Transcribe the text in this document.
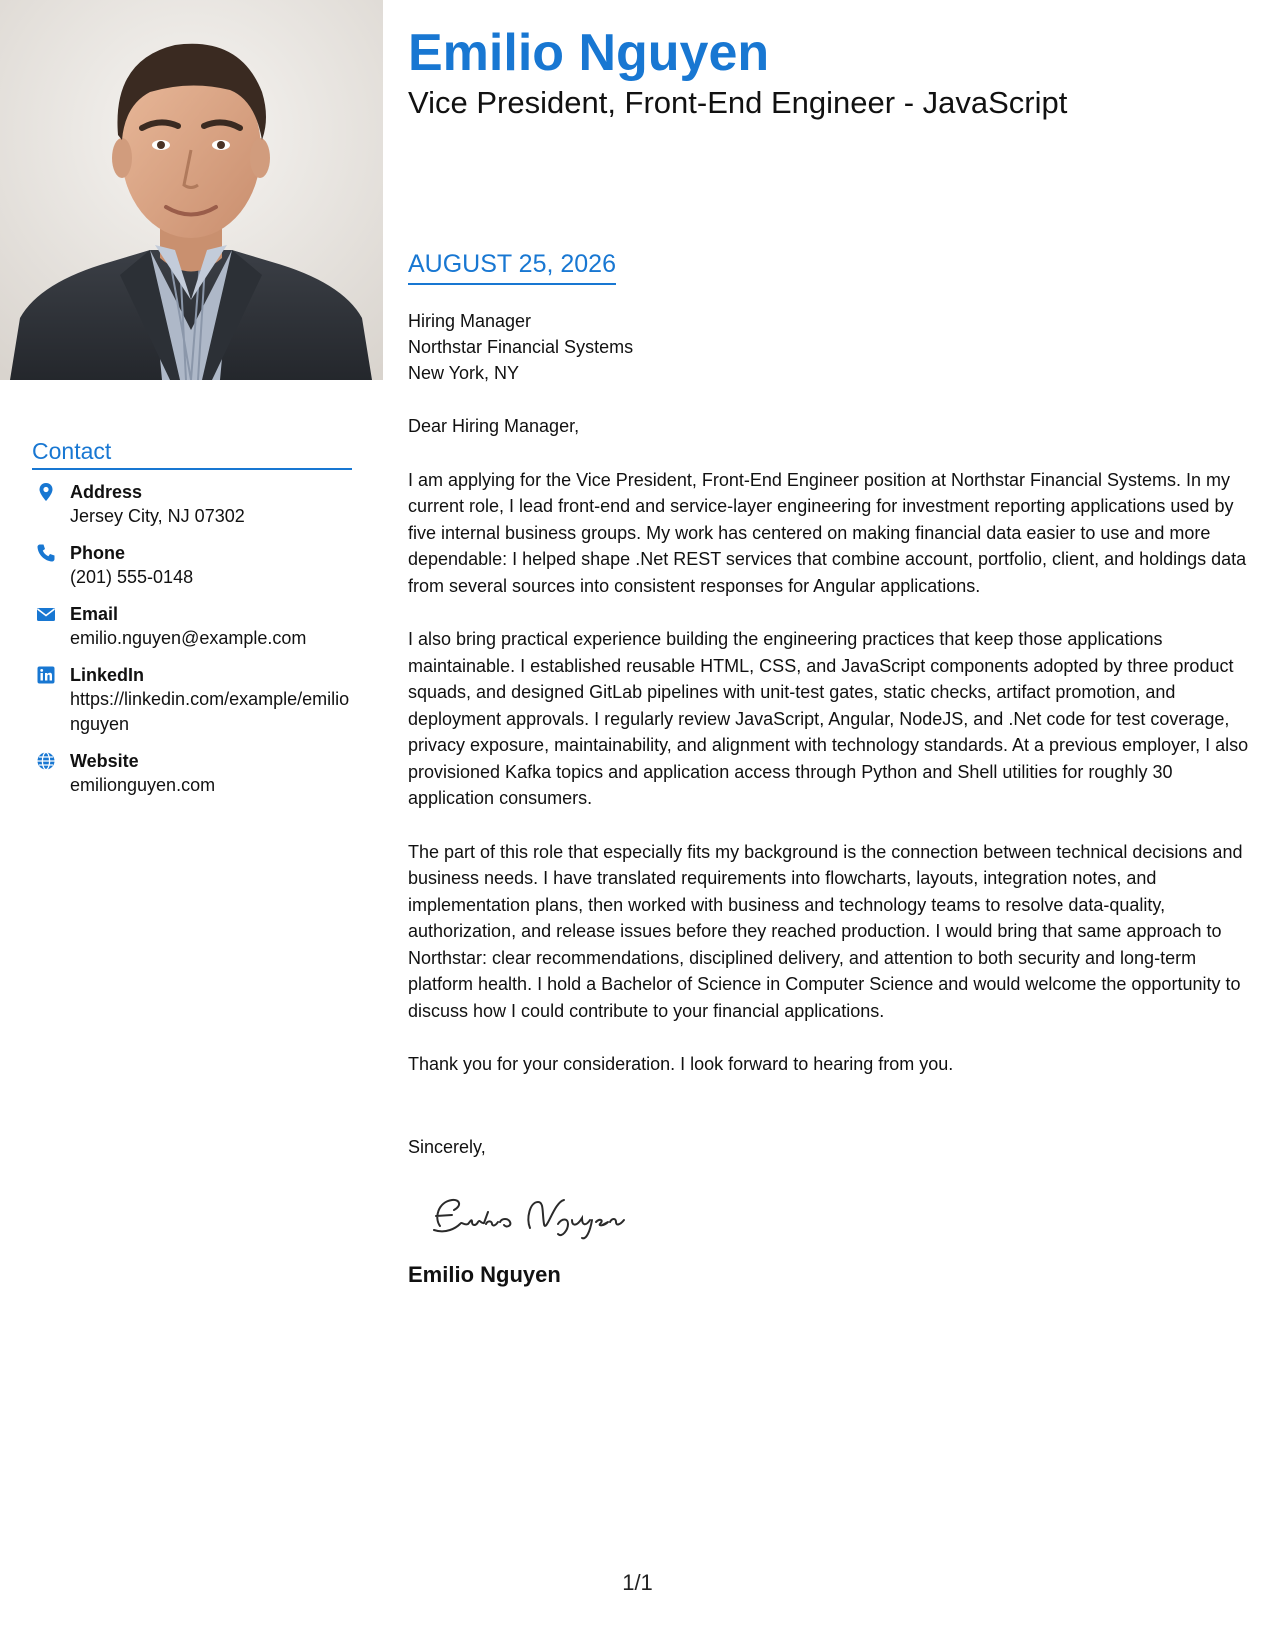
Contact
Address
Jersey City, NJ 07302
Phone
(201) 555-0148
Email
emilio.nguyen@example.com
LinkedIn
https://linkedin.com/example/emilionguyen
Website
emilionguyen.com
Emilio Nguyen
Vice President, Front-End Engineer - JavaScript
AUGUST 25, 2026
Hiring Manager
Northstar Financial Systems
New York, NY

Dear Hiring Manager,

I am applying for the Vice President, Front-End Engineer position at Northstar Financial Systems. In my current role, I lead front-end and service-layer engineering for investment reporting applications used by five internal business groups. My work has centered on making financial data easier to use and more dependable: I helped shape .Net REST services that combine account, portfolio, client, and holdings data from several sources into consistent responses for Angular applications.

I also bring practical experience building the engineering practices that keep those applications maintainable. I established reusable HTML, CSS, and JavaScript components adopted by three product squads, and designed GitLab pipelines with unit-test gates, static checks, artifact promotion, and deployment approvals. I regularly review JavaScript, Angular, NodeJS, and .Net code for test coverage, privacy exposure, maintainability, and alignment with technology standards. At a previous employer, I also provisioned Kafka topics and application access through Python and Shell utilities for roughly 30 application consumers.

The part of this role that especially fits my background is the connection between technical decisions and business needs. I have translated requirements into flowcharts, layouts, integration notes, and implementation plans, then worked with business and technology teams to resolve data-quality, authorization, and release issues before they reached production. I would bring that same approach to Northstar: clear recommendations, disciplined delivery, and attention to both security and long-term platform health. I hold a Bachelor of Science in Computer Science and would welcome the opportunity to discuss how I could contribute to your financial applications.

Thank you for your consideration. I look forward to hearing from you.

Sincerely,
Emilio Nguyen
1/1
